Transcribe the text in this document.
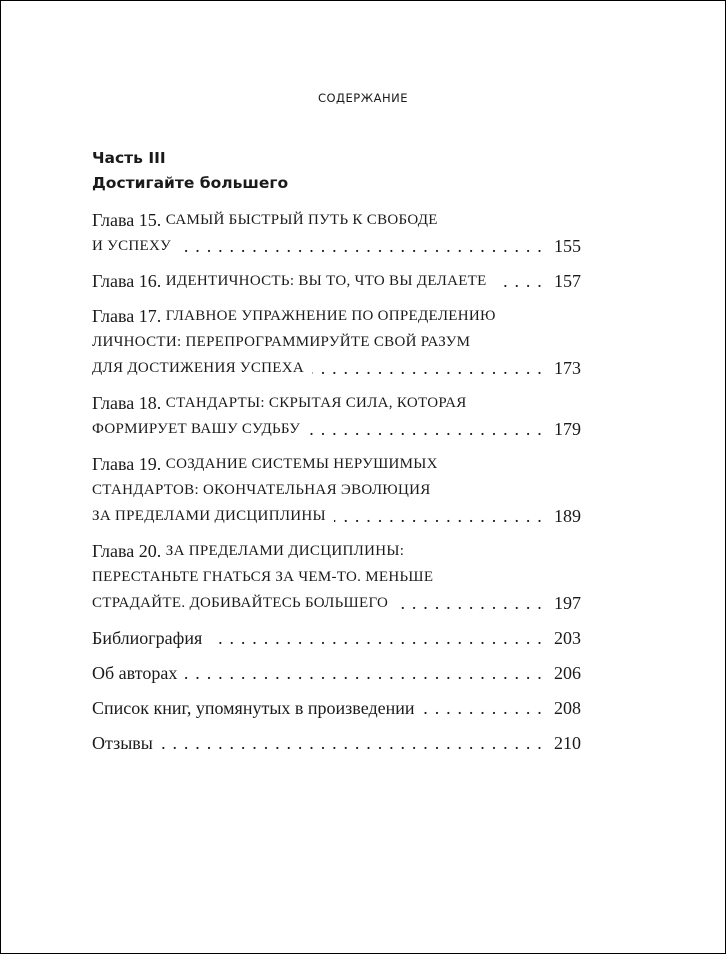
СОДЕРЖАНИЕ
Часть III
Достигайте большего
Глава 15.
САМЫЙ БЫСТРЫЙ ПУТЬ К СВОБОДЕ
И УСПЕХУ . . .	155
Глава 16.
ИДЕНТИЧНОСТЬ: ВЫ ТО, ЧТО ВЫ ДЕЛАЕТЕ . . .	157
Глава 17.
ГЛАВНОЕ УПРАЖНЕНИЕ ПО ОПРЕДЕЛЕНИЮ
ЛИЧНОСТИ: ПЕРЕПРОГРАММИРУЙТЕ СВОЙ РАЗУМ
ДЛЯ ДОСТИЖЕНИЯ УСПЕХА . . .	173
Глава 18.
СТАНДАРТЫ: СКРЫТАЯ СИЛА, КОТОРАЯ
ФОРМИРУЕТ ВАШУ СУДЬБУ . . .	179
Глава 19.
СОЗДАНИЕ СИСТЕМЫ НЕРУШИМЫХ
СТАНДАРТОВ: ОКОНЧАТЕЛЬНАЯ ЭВОЛЮЦИЯ
ЗА ПРЕДЕЛАМИ ДИСЦИПЛИНЫ . . .	189
Глава 20.
ЗА ПРЕДЕЛАМИ ДИСЦИПЛИНЫ:
ПЕРЕСТАНЬТЕ ГНАТЬСЯ ЗА ЧЕМ-ТО. МЕНЬШЕ
СТРАДАЙТЕ. ДОБИВАЙТЕСЬ БОЛЬШЕГО . . .	197
Библиография . . .	203
Об авторах . . .	206
Список книг, упомянутых в произведении . . .	208
Отзывы . . .	210
